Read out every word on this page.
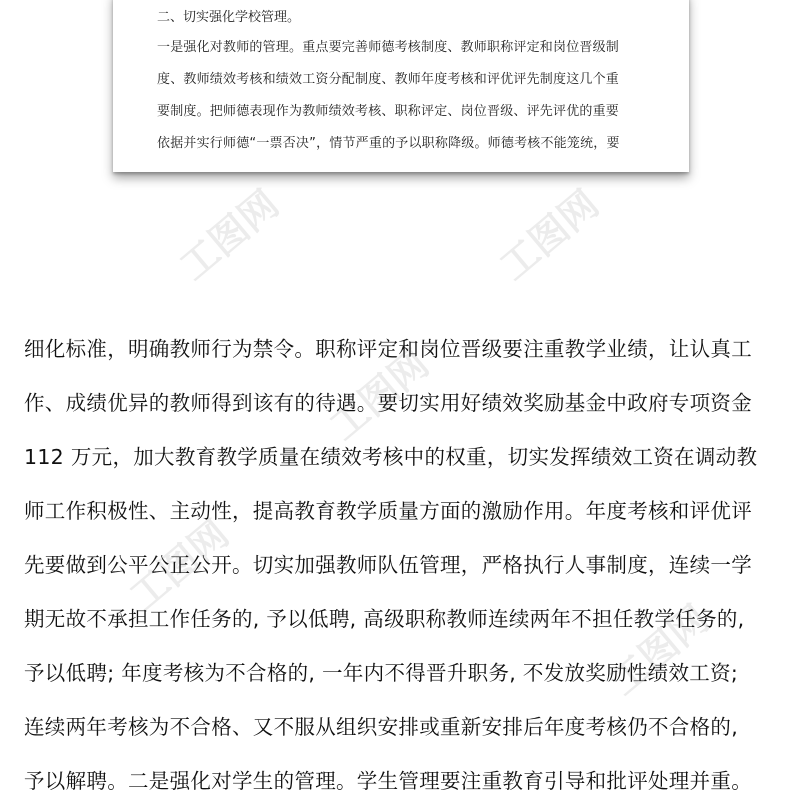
工图网	工图网
工图网
工图网
工图网
二、切实强化学校管理。
一是强化对教师的管理。重点要完善师德考核制度、教师职称评定和岗位晋级制
度、教师绩效考核和绩效工资分配制度、教师年度考核和评优评先制度这几个重
要制度。把师德表现作为教师绩效考核、职称评定、岗位晋级、评先评优的重要
依据并实行师德“一票否决”，情节严重的予以职称降级。师德考核不能笼统，要
细化标准，明确教师行为禁令。职称评定和岗位晋级要注重教学业绩，让认真工
作、成绩优异的教师得到该有的待遇。要切实用好绩效奖励基金中政府专项资金
112 万元，加大教育教学质量在绩效考核中的权重，切实发挥绩效工资在调动教
师工作积极性、主动性，提高教育教学质量方面的激励作用。年度考核和评优评
先要做到公平公正公开。切实加强教师队伍管理，严格执行人事制度，连续一学
期无故不承担工作任务的, 予以低聘, 高级职称教师连续两年不担任教学任务的,
予以低聘; 年度考核为不合格的, 一年内不得晋升职务, 不发放奖励性绩效工资;
连续两年考核为不合格、又不服从组织安排或重新安排后年度考核仍不合格的,
予以解聘。二是强化对学生的管理。学生管理要注重教育引导和批评处理并重。
